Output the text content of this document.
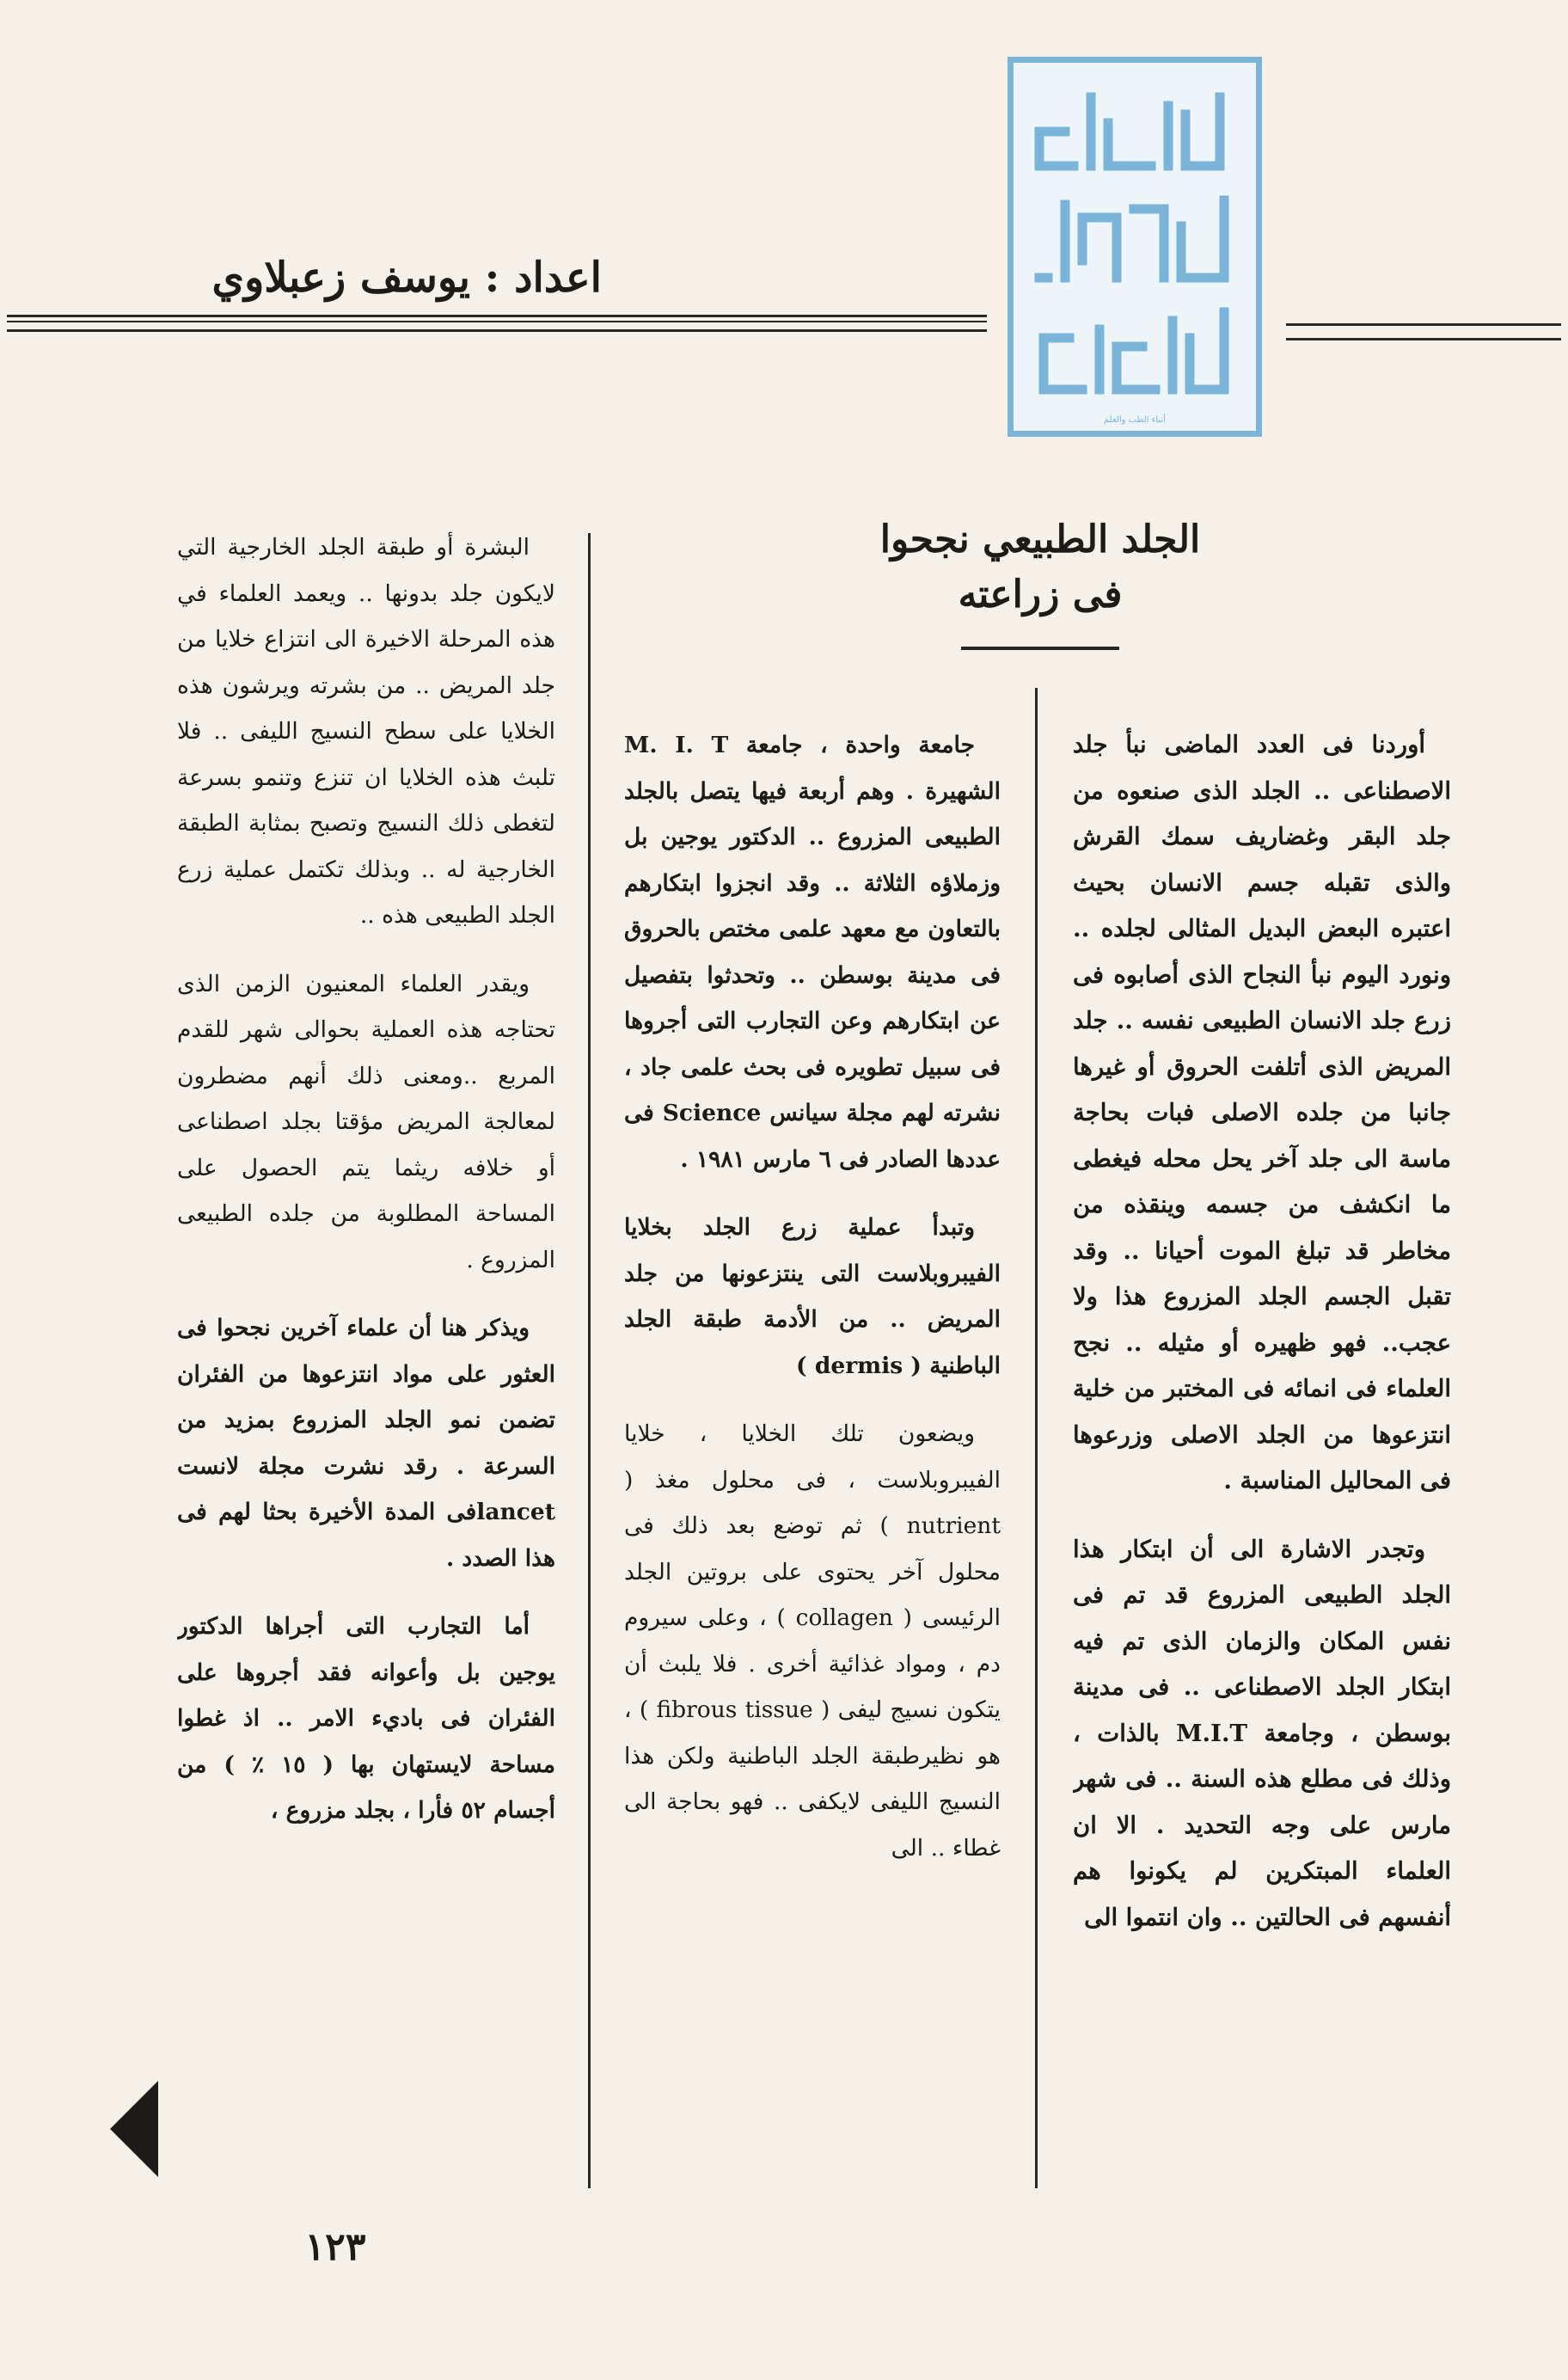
أنباء الطب والعلم
اعداد : يوسف زعبلاوي
الجلد الطبيعي نجحوا فى زراعته

أوردنا فى العدد الماضى نبأ جلد الاصطناعى .. الجلد الذى صنعوه من جلد البقر وغضاريف سمك القرش والذى تقبله جسم الانسان بحيث اعتبره البعض البديل المثالى لجلده .. ونورد اليوم نبأ النجاح الذى أصابوه فى زرع جلد الانسان الطبيعى نفسه .. جلد المريض الذى أتلفت الحروق أو غيرها جانبا من جلده الاصلى فبات بحاجة ماسة الى جلد آخر يحل محله فيغطى ما انكشف من جسمه وينقذه من مخاطر قد تبلغ الموت أحيانا .. وقد تقبل الجسم الجلد المزروع هذا ولا عجب.. فهو ظهيره أو مثيله .. نجح العلماء فى انمائه فى المختبر من خلية انتزعوها من الجلد الاصلى وزرعوها فى المحاليل المناسبة .

وتجدر الاشارة الى أن ابتكار هذا الجلد الطبيعى المزروع قد تم فى نفس المكان والزمان الذى تم فيه ابتكار الجلد الاصطناعى .. فى مدينة بوسطن ، وجامعة M.I.T بالذات ، وذلك فى مطلع هذه السنة .. فى شهر مارس على وجه التحديد . الا ان العلماء المبتكرين لم يكونوا هم أنفسهم فى الحالتين .. وان انتموا الى

جامعة واحدة ، جامعة M. I. T الشهيرة . وهم أربعة فيها يتصل بالجلد الطبيعى المزروع .. الدكتور يوجين بل وزملاؤه الثلاثة .. وقد انجزوا ابتكارهم بالتعاون مع معهد علمى مختص بالحروق فى مدينة بوسطن .. وتحدثوا بتفصيل عن ابتكارهم وعن التجارب التى أجروها فى سبيل تطويره فى بحث علمى جاد ، نشرته لهم مجلة سيانس Science فى عددها الصادر فى ٦ مارس ١٩٨١ .

وتبدأ عملية زرع الجلد بخلايا الفيبروبلاست التى ينتزعونها من جلد المريض .. من الأدمة طبقة الجلد الباطنية ( dermis )

ويضعون تلك الخلايا ، خلايا الفيبروبلاست ، فى محلول مغذ ( nutrient ) ثم توضع بعد ذلك فى محلول آخر يحتوى على بروتين الجلد الرئيسى ( collagen ) ، وعلى سيروم دم ، ومواد غذائية أخرى . فلا يلبث أن يتكون نسيج ليفى ( fibrous tissue ) ، هو نظيرطبقة الجلد الباطنية ولكن هذا النسيج الليفى لايكفى .. فهو بحاجة الى غطاء .. الى

البشرة أو طبقة الجلد الخارجية التي لايكون جلد بدونها .. ويعمد العلماء في هذه المرحلة الاخيرة الى انتزاع خلايا من جلد المريض .. من بشرته ويرشون هذه الخلايا على سطح النسيج الليفى .. فلا تلبث هذه الخلايا ان تنزع وتنمو بسرعة لتغطى ذلك النسيج وتصبح بمثابة الطبقة الخارجية له .. وبذلك تكتمل عملية زرع الجلد الطبيعى هذه ..

ويقدر العلماء المعنيون الزمن الذى تحتاجه هذه العملية بحوالى شهر للقدم المربع ..ومعنى ذلك أنهم مضطرون لمعالجة المريض مؤقتا بجلد اصطناعى أو خلافه ريثما يتم الحصول على المساحة المطلوبة من جلده الطبيعى المزروع .

ويذكر هنا أن علماء آخرين نجحوا فى العثور على مواد انتزعوها من الفئران تضمن نمو الجلد المزروع بمزيد من السرعة . رقد نشرت مجلة لانست lancetفى المدة الأخيرة بحثا لهم فى هذا الصدد .

أما التجارب التى أجراها الدكتور يوجين بل وأعوانه فقد أجروها على الفئران فى باديء الامر .. اذ غطوا مساحة لايستهان بها ( ١٥ ٪ ) من أجسام ٥٢ فأرا ، بجلد مزروع ،

١٢٣
